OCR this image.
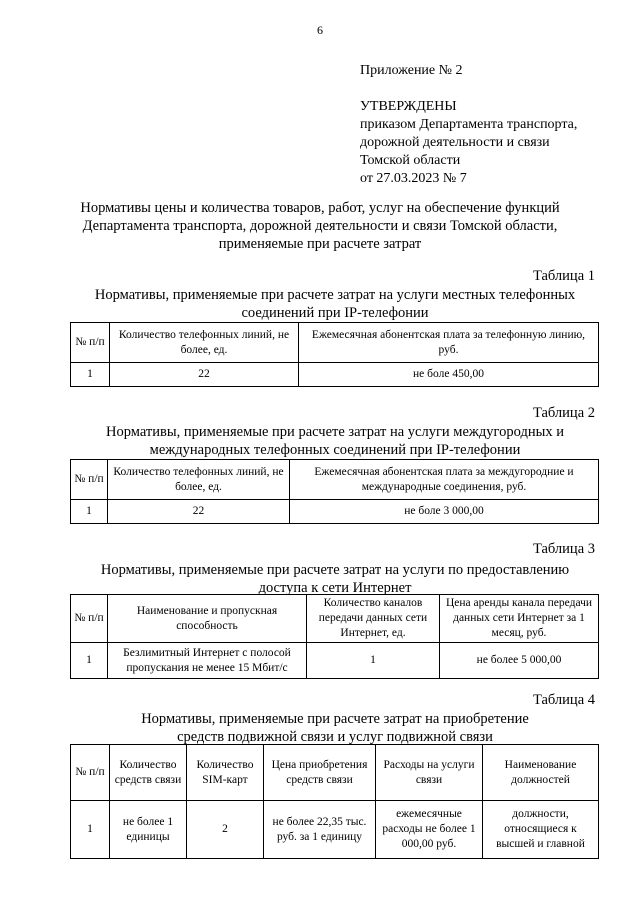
6
Приложение № 2
УТВЕРЖДЕНЫ
приказом Департамента транспорта,
дорожной деятельности и связи
Томской области
от 27.03.2023 № 7
Нормативы цены и количества товаров, работ, услуг на обеспечение функций
Департамента транспорта, дорожной деятельности и связи Томской области,
применяемые при расчете затрат
Таблица 1
Нормативы, применяемые при расчете затрат на услуги местных телефонных
соединений при IP-телефонии
№ п/п	Количество телефонных линий, не более, ед.	Ежемесячная абонентская плата за телефонную линию, руб.
1	22	не боле 450,00
Таблица 2
Нормативы, применяемые при расчете затрат на услуги междугородных и
международных телефонных соединений при IP-телефонии
№ п/п	Количество телефонных линий, не более, ед.	Ежемесячная абонентская плата за междугородние и международные соединения, руб.
1	22	не боле 3 000,00
Таблица 3
Нормативы, применяемые при расчете затрат на услуги по предоставлению
доступа к сети Интернет
№ п/п	Наименование и пропускная способность	Количество каналов передачи данных сети Интернет, ед.	Цена аренды канала передачи данных сети Интернет за 1 месяц, руб.
1	Безлимитный Интернет с полосой пропускания не менее 15 Мбит/с	1	не более 5 000,00
Таблица 4
Нормативы, применяемые при расчете затрат на приобретение
средств подвижной связи и услуг подвижной связи
№ п/п	Количество средств связи	Количество SIM-карт	Цена приобретения средств связи	Расходы на услуги связи	Наименование должностей
1	не более 1 единицы	2	не более 22,35 тыс. руб. за 1 единицу	ежемесячные расходы не более 1 000,00 руб.	должности, относящиеся к высшей и главной
